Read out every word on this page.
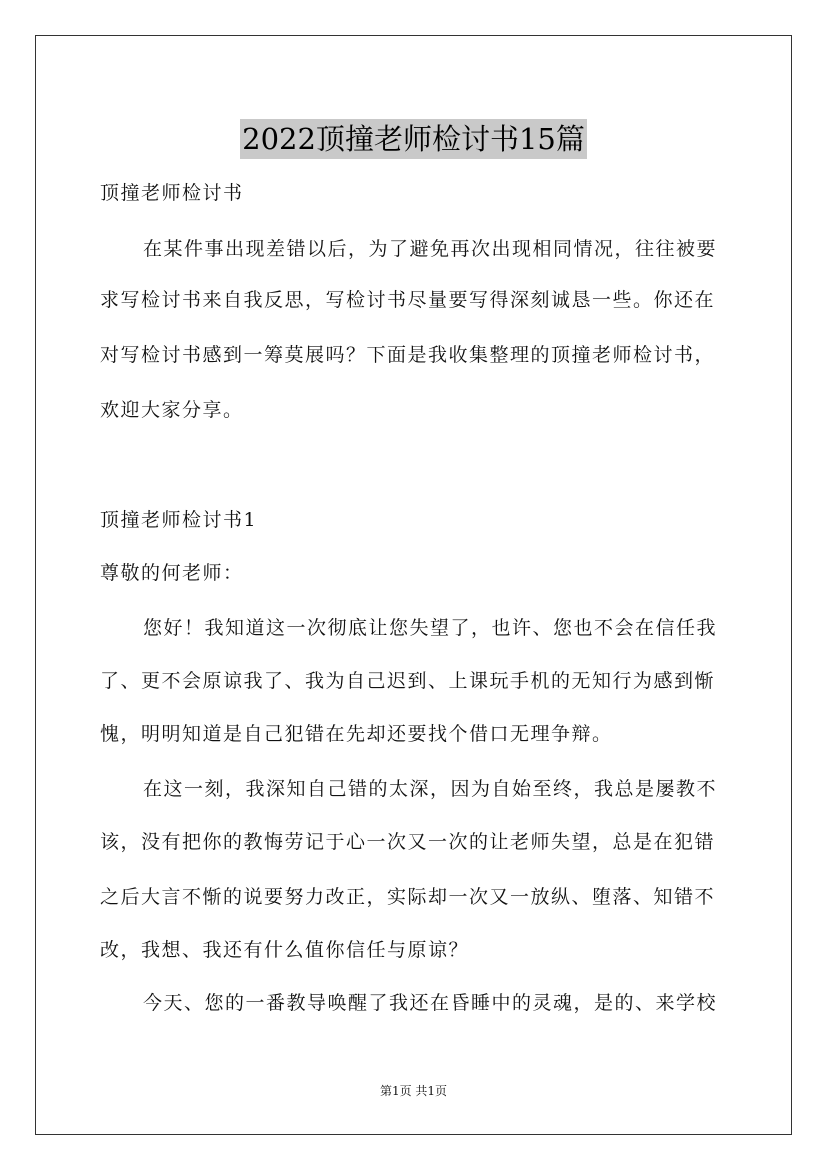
2022顶撞老师检讨书15篇
顶撞老师检讨书
在某件事出现差错以后，为了避免再次出现相同情况，往往被要
求写检讨书来自我反思，写检讨书尽量要写得深刻诚恳一些。你还在
对写检讨书感到一筹莫展吗？下面是我收集整理的顶撞老师检讨书，
欢迎大家分享。
顶撞老师检讨书1
尊敬的何老师：
您好！我知道这一次彻底让您失望了，也许、您也不会在信任我
了、更不会原谅我了、我为自己迟到、上课玩手机的无知行为感到惭
愧，明明知道是自己犯错在先却还要找个借口无理争辩。
在这一刻，我深知自己错的太深，因为自始至终，我总是屡教不
该，没有把你的教悔劳记于心一次又一次的让老师失望，总是在犯错
之后大言不惭的说要努力改正，实际却一次又一放纵、堕落、知错不
改，我想、我还有什么值你信任与原谅？
今天、您的一番教导唤醒了我还在昏睡中的灵魂，是的、来学校
第1页 共1页
